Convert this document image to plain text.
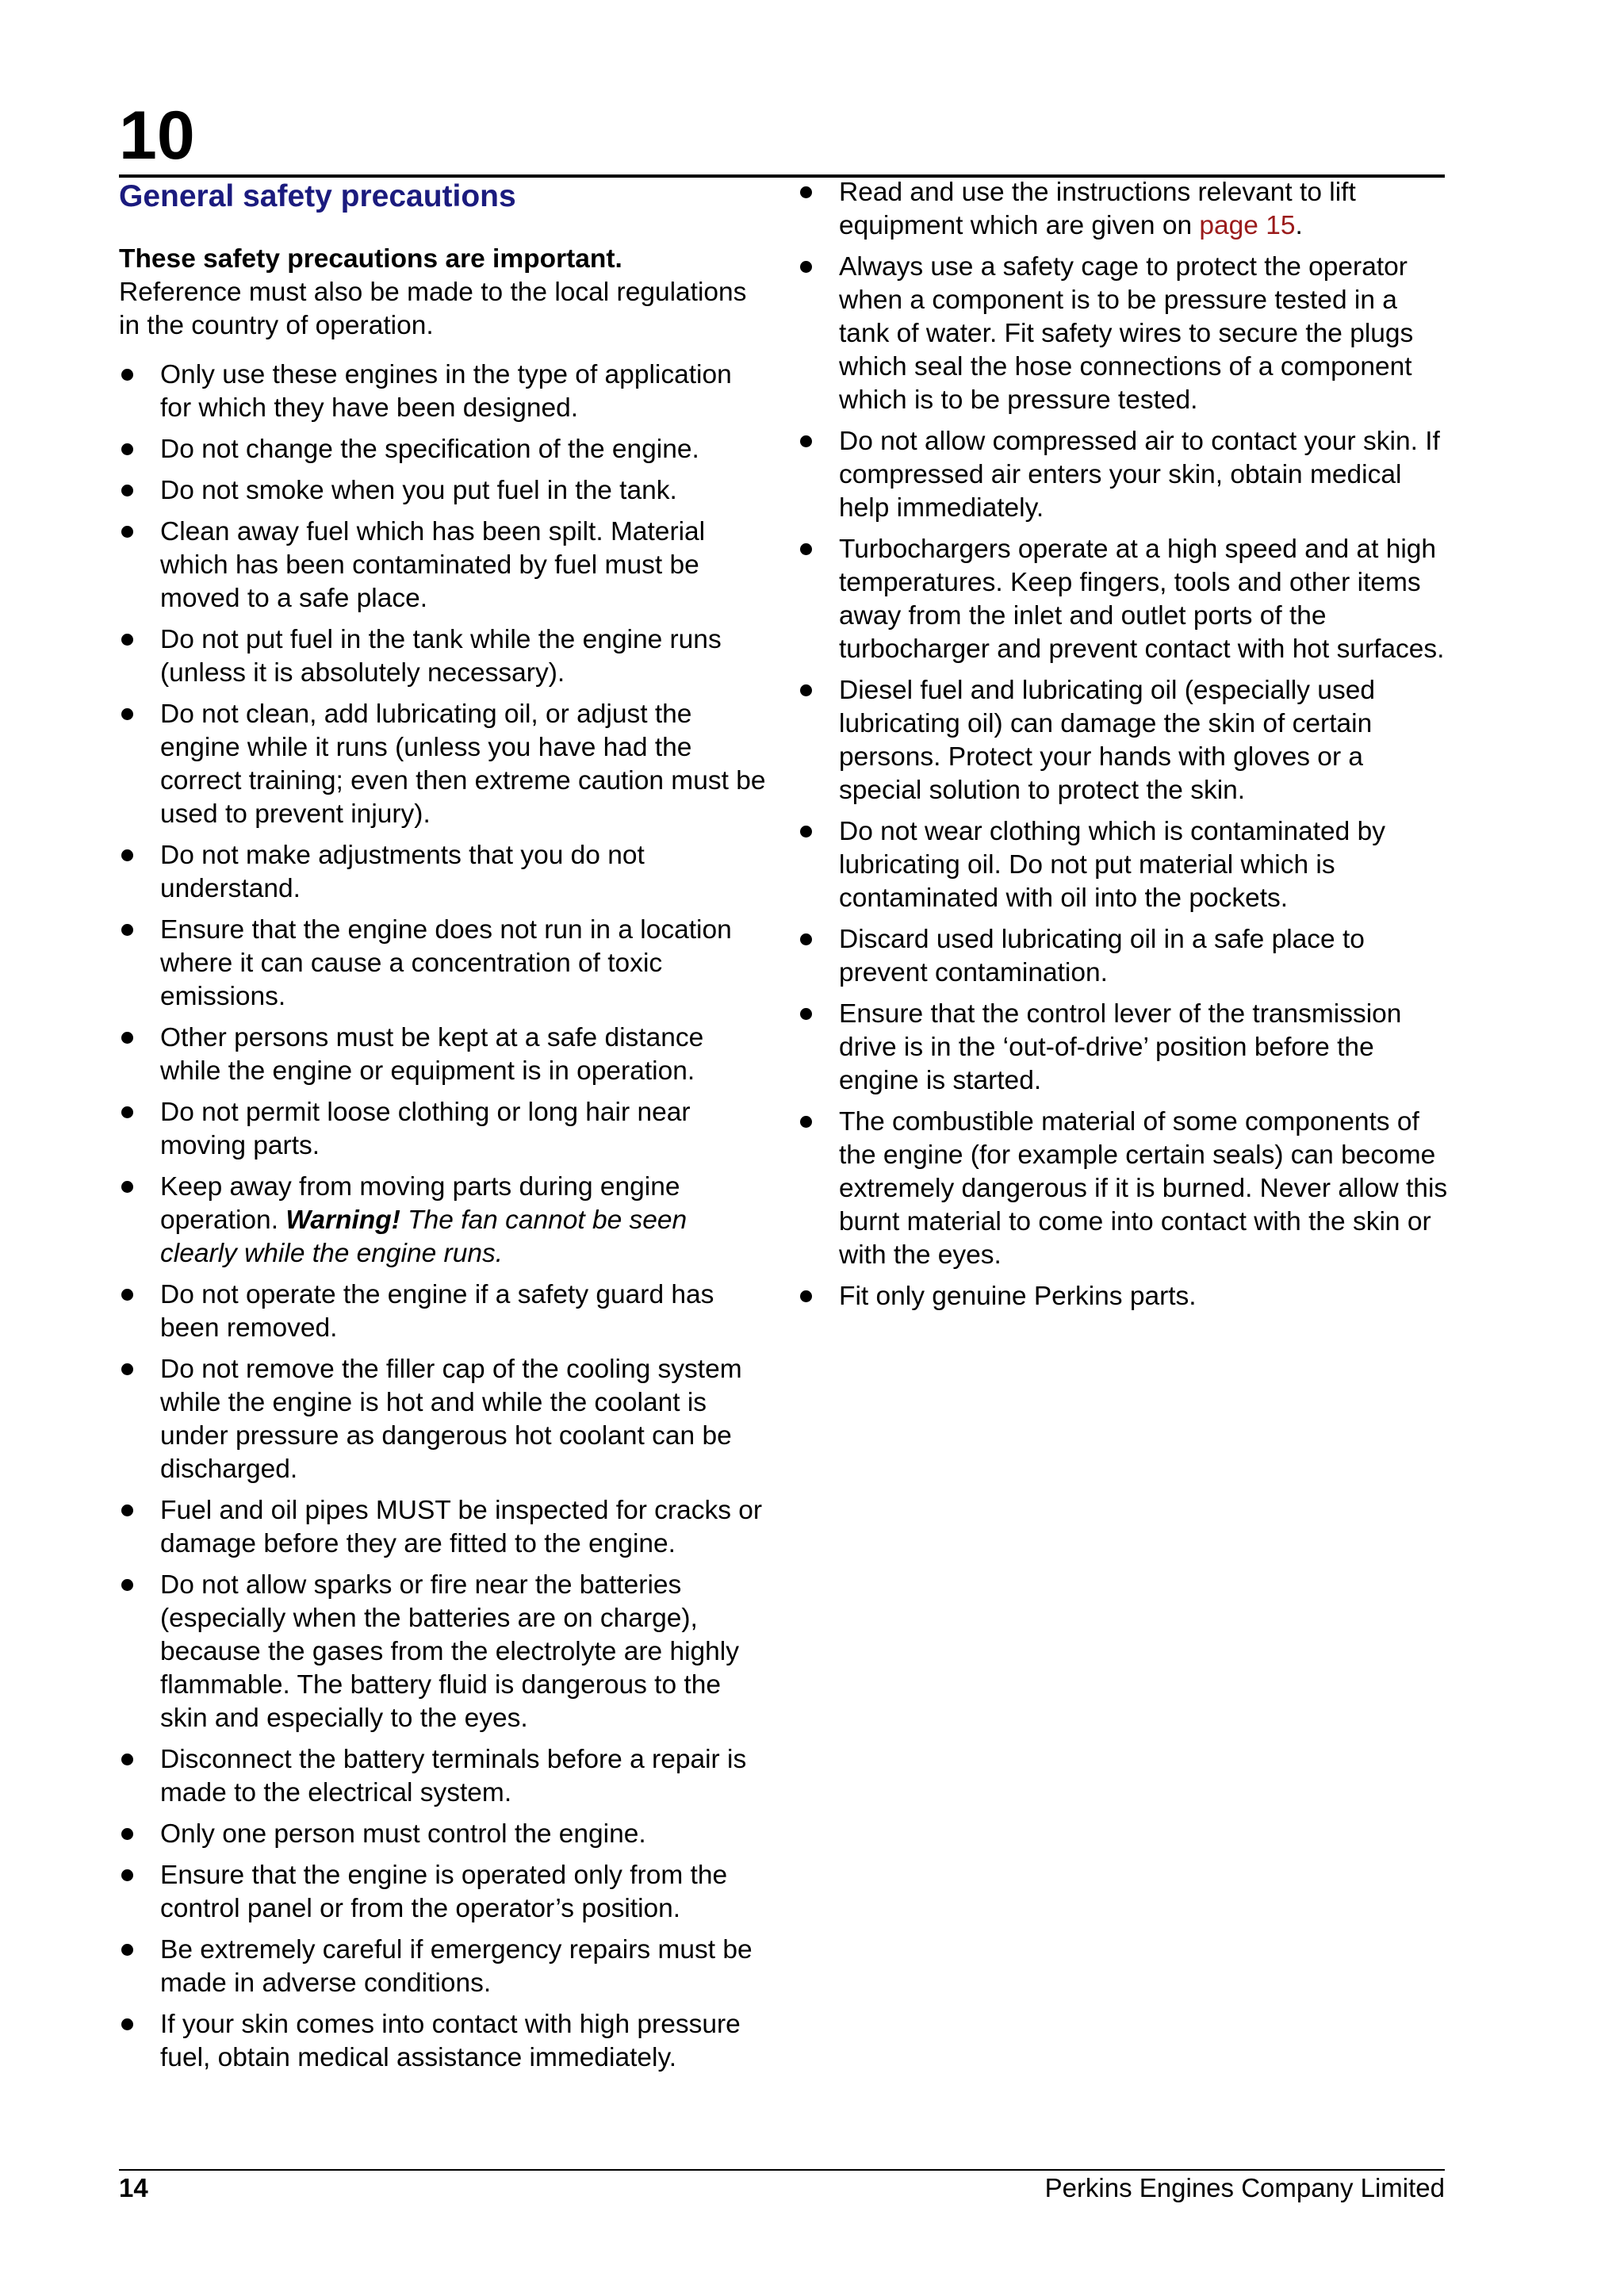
10
General safety precautions
These safety precautions are important.
Reference must also be made to the local regulations in the country of operation.
Only use these engines in the type of application for which they have been designed.
Do not change the specification of the engine.
Do not smoke when you put fuel in the tank.
Clean away fuel which has been spilt. Material which has been contaminated by fuel must be moved to a safe place.
Do not put fuel in the tank while the engine runs (unless it is absolutely necessary).
Do not clean, add lubricating oil, or adjust the engine while it runs (unless you have had the correct training; even then extreme caution must be used to prevent injury).
Do not make adjustments that you do not understand.
Ensure that the engine does not run in a location where it can cause a concentration of toxic emissions.
Other persons must be kept at a safe distance while the engine or equipment is in operation.
Do not permit loose clothing or long hair near moving parts.
Keep away from moving parts during engine operation. Warning! The fan cannot be seen clearly while the engine runs.
Do not operate the engine if a safety guard has been removed.
Do not remove the filler cap of the cooling system while the engine is hot and while the coolant is under pressure as dangerous hot coolant can be discharged.
Fuel and oil pipes MUST be inspected for cracks or damage before they are fitted to the engine.
Do not allow sparks or fire near the batteries (especially when the batteries are on charge), because the gases from the electrolyte are highly flammable. The battery fluid is dangerous to the skin and especially to the eyes.
Disconnect the battery terminals before a repair is made to the electrical system.
Only one person must control the engine.
Ensure that the engine is operated only from the control panel or from the operator’s position.
Be extremely careful if emergency repairs must be made in adverse conditions.
If your skin comes into contact with high pressure fuel, obtain medical assistance immediately.
Read and use the instructions relevant to lift equipment which are given on page 15.
Always use a safety cage to protect the operator when a component is to be pressure tested in a tank of water. Fit safety wires to secure the plugs which seal the hose connections of a component which is to be pressure tested.
Do not allow compressed air to contact your skin. If compressed air enters your skin, obtain medical help immediately.
Turbochargers operate at a high speed and at high temperatures. Keep fingers, tools and other items away from the inlet and outlet ports of the turbocharger and prevent contact with hot surfaces.
Diesel fuel and lubricating oil (especially used lubricating oil) can damage the skin of certain persons. Protect your hands with gloves or a special solution to protect the skin.
Do not wear clothing which is contaminated by lubricating oil. Do not put material which is contaminated with oil into the pockets.
Discard used lubricating oil in a safe place to prevent contamination.
Ensure that the control lever of the transmission drive is in the ‘out-of-drive’ position before the engine is started.
The combustible material of some components of the engine (for example certain seals) can become extremely dangerous if it is burned. Never allow this burnt material to come into contact with the skin or with the eyes.
Fit only genuine Perkins parts.
14	Perkins Engines Company Limited
